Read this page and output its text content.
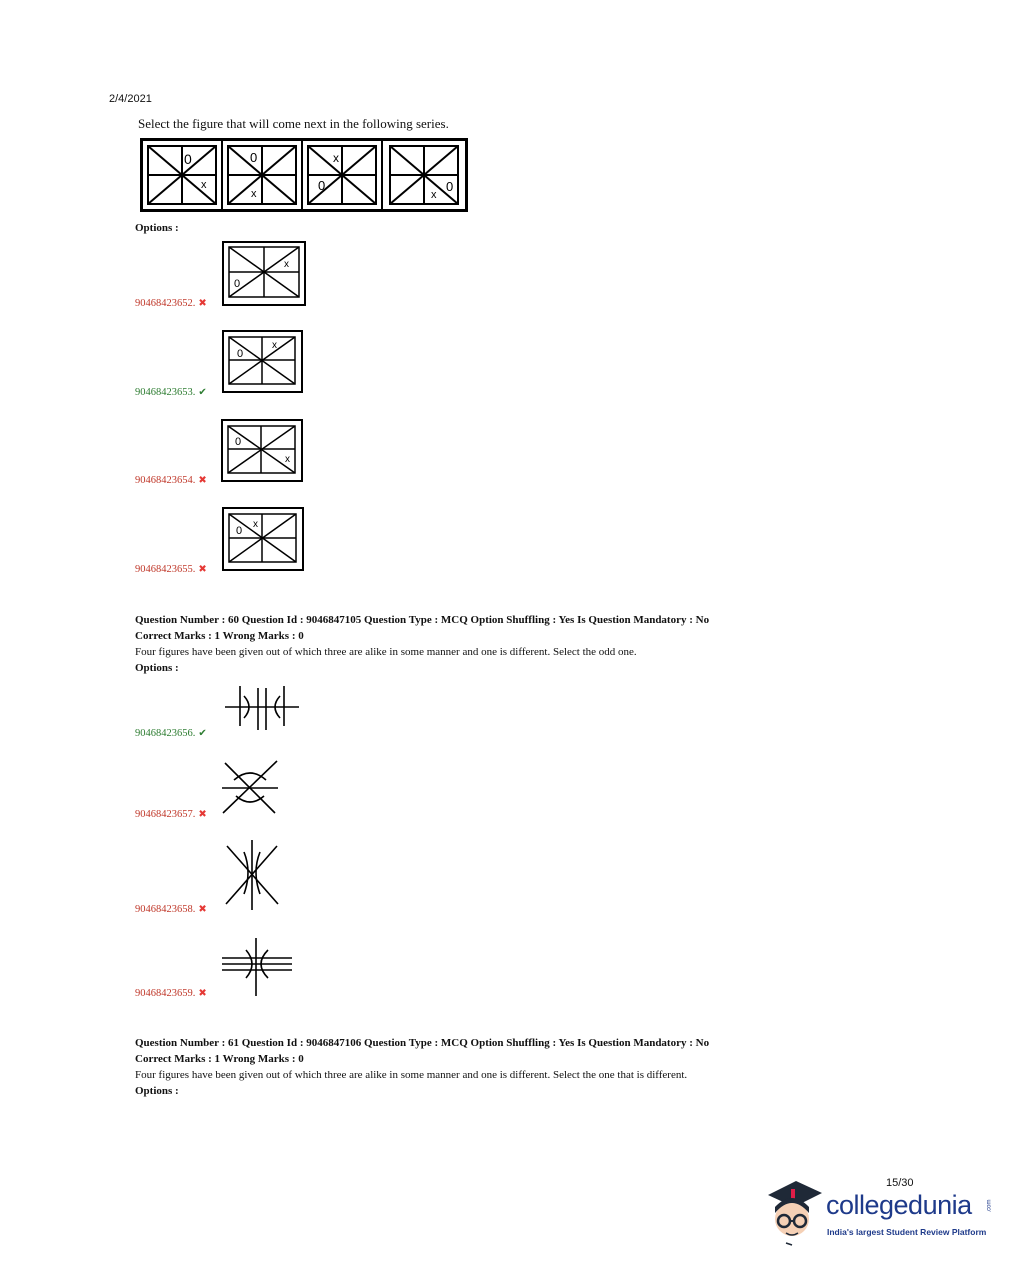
2/4/2021
Select the figure that will come next in the following series.
0
x
0
x
x
0	0
x
Options :
x
0
90468423652. ✖
x
0
90468423653. ✔
0
x
90468423654. ✖
0
x
90468423655. ✖
Question Number : 60 Question Id : 9046847105 Question Type : MCQ Option Shuffling : Yes Is Question Mandatory : No
Correct Marks : 1 Wrong Marks : 0
Four figures have been given out of which three are alike in some manner and one is different. Select the odd one.
Options :
90468423656. ✔
90468423657. ✖
90468423658. ✖
90468423659. ✖
Question Number : 61 Question Id : 9046847106 Question Type : MCQ Option Shuffling : Yes Is Question Mandatory : No
Correct Marks : 1 Wrong Marks : 0
Four figures have been given out of which three are alike in some manner and one is different. Select the one that is different.
Options :
15/30
collegedunia .com
India's largest Student Review Platform
